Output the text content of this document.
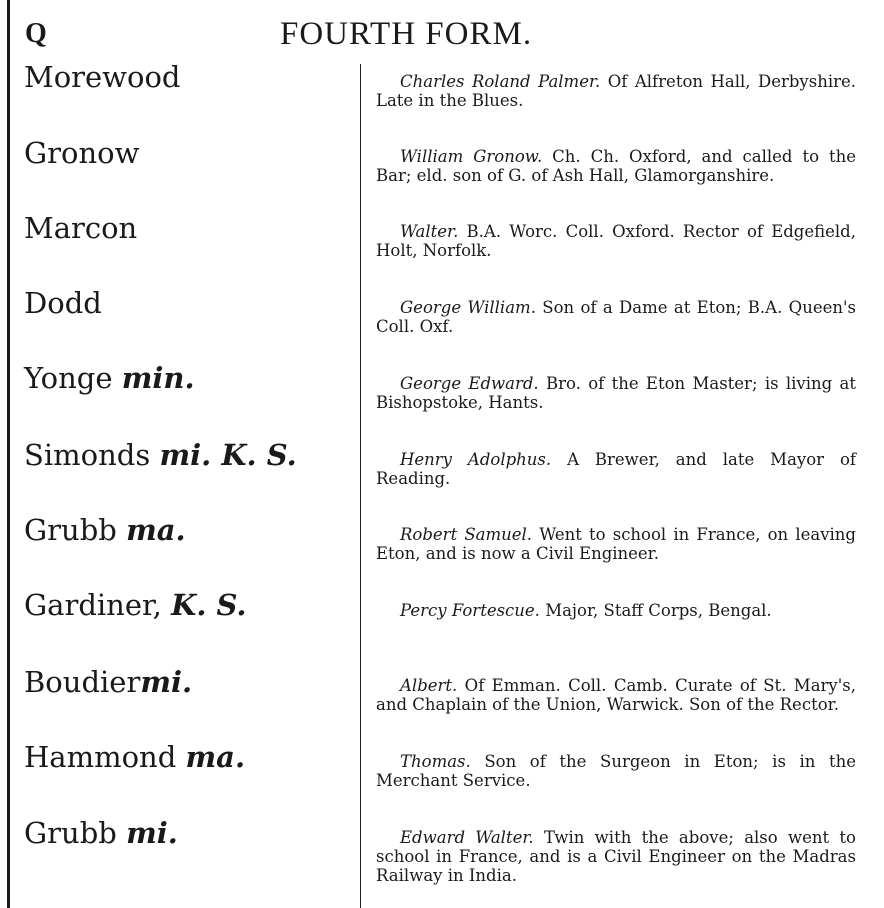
Q	FOURTH FORM.
Morewood	Charles Roland Palmer. Of Alfreton Hall, Derbyshire. Late in the Blues.
Gronow	William Gronow. Ch. Ch. Oxford, and called to the Bar; eld. son of G. of Ash Hall, Glamorganshire.
Marcon	Walter. B.A. Worc. Coll. Oxford. Rector of Edgefield, Holt, Norfolk.
Dodd	George William. Son of a Dame at Eton; B.A. Queen's Coll. Oxf.
Yonge min.	George Edward. Bro. of the Eton Master; is living at Bishopstoke, Hants.
Simonds mi. K. S.	Henry Adolphus. A Brewer, and late Mayor of Reading.
Grubb ma.	Robert Samuel. Went to school in France, on leaving Eton, and is now a Civil Engineer.
Gardiner, K. S.	Percy Fortescue. Major, Staff Corps, Bengal.
Boudiermi.	Albert. Of Emman. Coll. Camb. Curate of St. Mary's, and Chaplain of the Union, Warwick. Son of the Rector.
Hammond ma.	Thomas. Son of the Surgeon in Eton; is in the Merchant Service.
Grubb mi.	Edward Walter. Twin with the above; also went to school in France, and is a Civil Engineer on the Madras Railway in India.
